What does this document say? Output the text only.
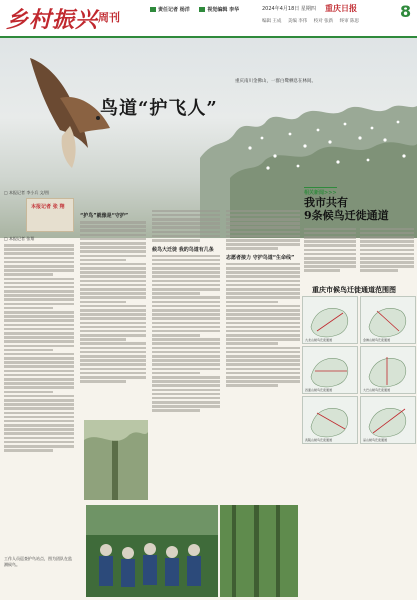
乡村振兴 周刊
责任记者 杨洋	视觉编辑 李华	2024年4月18日 星期四 重庆日报	8
编辑 王成 美编 李伟 校对 张新 终审 陈思
重庆南川金佛山，一群白鹭栖息在林间。
鸟道“护飞人”
□ 本报记者 李小兵 文/图
本报记者 张 翔
□ 本报记者 张翔
“护鸟”就像是“守护”
候鸟大迁徙 我的鸟道有几条
志愿者接力 守护鸟道“生命线”
工作人员巡查护鸟站点，图为团队在监测候鸟。
相关新闻>>>
我市共有
9条候鸟迁徙通道
重庆市候鸟迁徙通道范围图
九龙山候鸟迁徙通道	金佛山候鸟迁徙通道
四面山候鸟迁徙通道	大巴山候鸟迁徙通道
武陵山候鸟迁徙通道	巫山候鸟迁徙通道
